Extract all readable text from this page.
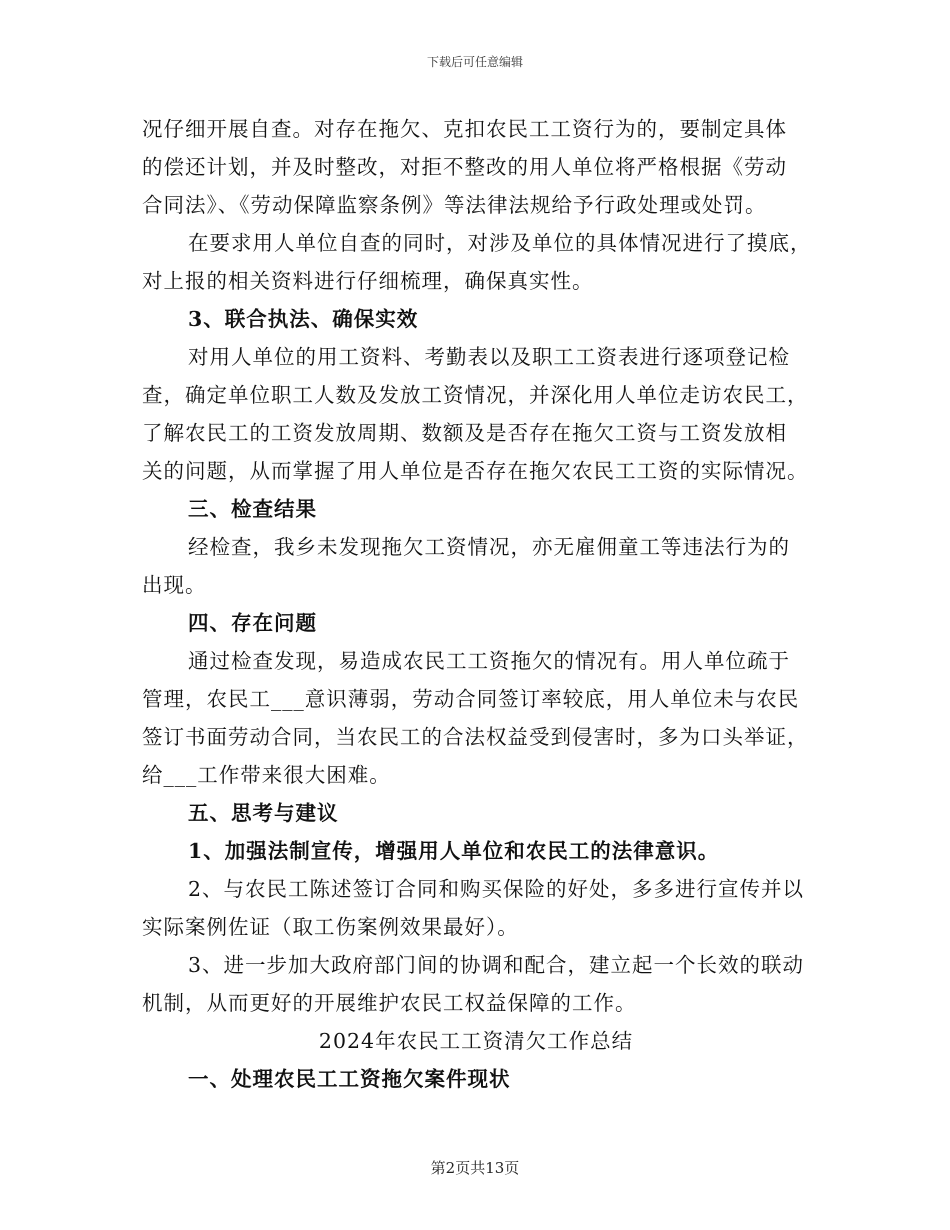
下载后可任意编辑
况仔细开展自查。对存在拖欠、克扣农民工工资行为的，要制定具体
的偿还计划，并及时整改，对拒不整改的用人单位将严格根据《劳动
合同法》、《劳动保障监察条例》等法律法规给予行政处理或处罚。
在要求用人单位自查的同时，对涉及单位的具体情况进行了摸底，
对上报的相关资料进行仔细梳理，确保真实性。
3、联合执法、确保实效
对用人单位的用工资料、考勤表以及职工工资表进行逐项登记检
查，确定单位职工人数及发放工资情况，并深化用人单位走访农民工，
了解农民工的工资发放周期、数额及是否存在拖欠工资与工资发放相
关的问题，从而掌握了用人单位是否存在拖欠农民工工资的实际情况。
三、检查结果
经检查，我乡未发现拖欠工资情况，亦无雇佣童工等违法行为的
出现。
四、存在问题
通过检查发现，易造成农民工工资拖欠的情况有。用人单位疏于
管理，农民工___意识薄弱，劳动合同签订率较底，用人单位未与农民
签订书面劳动合同，当农民工的合法权益受到侵害时，多为口头举证，
给___工作带来很大困难。
五、思考与建议
1、加强法制宣传，增强用人单位和农民工的法律意识。
2、与农民工陈述签订合同和购买保险的好处，多多进行宣传并以
实际案例佐证（取工伤案例效果最好）。
3、进一步加大政府部门间的协调和配合，建立起一个长效的联动
机制，从而更好的开展维护农民工权益保障的工作。
2024年农民工工资清欠工作总结
一、处理农民工工资拖欠案件现状
第2页共13页
